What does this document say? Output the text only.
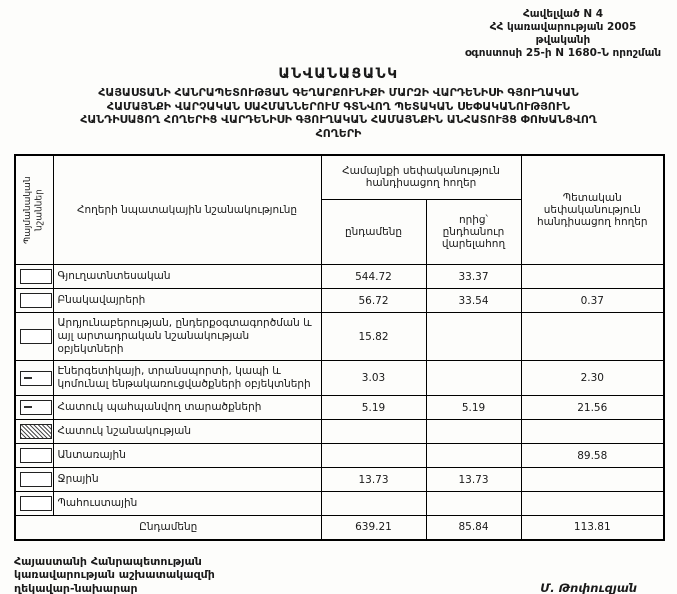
Հավելված N 4
ՀՀ կառավարության 2005 թվականի
օգոստոսի 25-ի N 1680-Ն որոշման
ԱՆՎԱՆԱՑԱՆԿ
ՀԱՅԱՍՏԱՆԻ ՀԱՆՐԱՊԵՏՈՒԹՅԱՆ ԳԵՂԱՐՔՈՒՆԻՔԻ ՄԱՐԶԻ ՎԱՐԴԵՆԻՍԻ ԳՅՈՒՂԱԿԱՆ
ՀԱՄԱՅՆՔԻ ՎԱՐՉԱԿԱՆ ՍԱՀՄԱՆՆԵՐՈՒՄ ԳՏՆՎՈՂ ՊԵՏԱԿԱՆ ՍԵՓԱԿԱՆՈՒԹՅՈՒՆ
ՀԱՆԴԻՍԱՑՈՂ ՀՈՂԵՐԻՑ ՎԱՐԴԵՆԻՍԻ ԳՅՈՒՂԱԿԱՆ ՀԱՄԱՅՆՔԻՆ ԱՆՀԱՏՈՒՅՑ ՓՈԽԱՆՑՎՈՂ
ՀՈՂԵՐԻ
Պայմանական նշաններ	Հողերի նպատակային նշանակությունը	Համայնքի սեփականություն հանդիսացող հողեր		Պետական սեփականություն հանդիսացող հողեր
		ընդամենը	որից՝ ընդհանուր վարելահող	

	Գյուղատնտեսական	544.72	33.37	

	Բնակավայրերի	56.72	33.54	0.37

	Արդյունաբերության, ընդերքօգտագործման և այլ արտադրական նշանակության օբյեկտների	15.82		

	Էներգետիկայի, տրանսպորտի, կապի և կոմունալ ենթակառուցվածքների օբյեկտների	3.03		2.30

	Հատուկ պահպանվող տարածքների	5.19	5.19	21.56

	Հատուկ նշանակության			

	Անտառային			89.58

	Ջրային	13.73	13.73	

	Պահուստային			
Ընդամենը		639.21	85.84	113.81
Հայաստանի Հանրապետության
կառավարության աշխատակազմի
ղեկավար-նախարար	Մ. Թոփուզյան
